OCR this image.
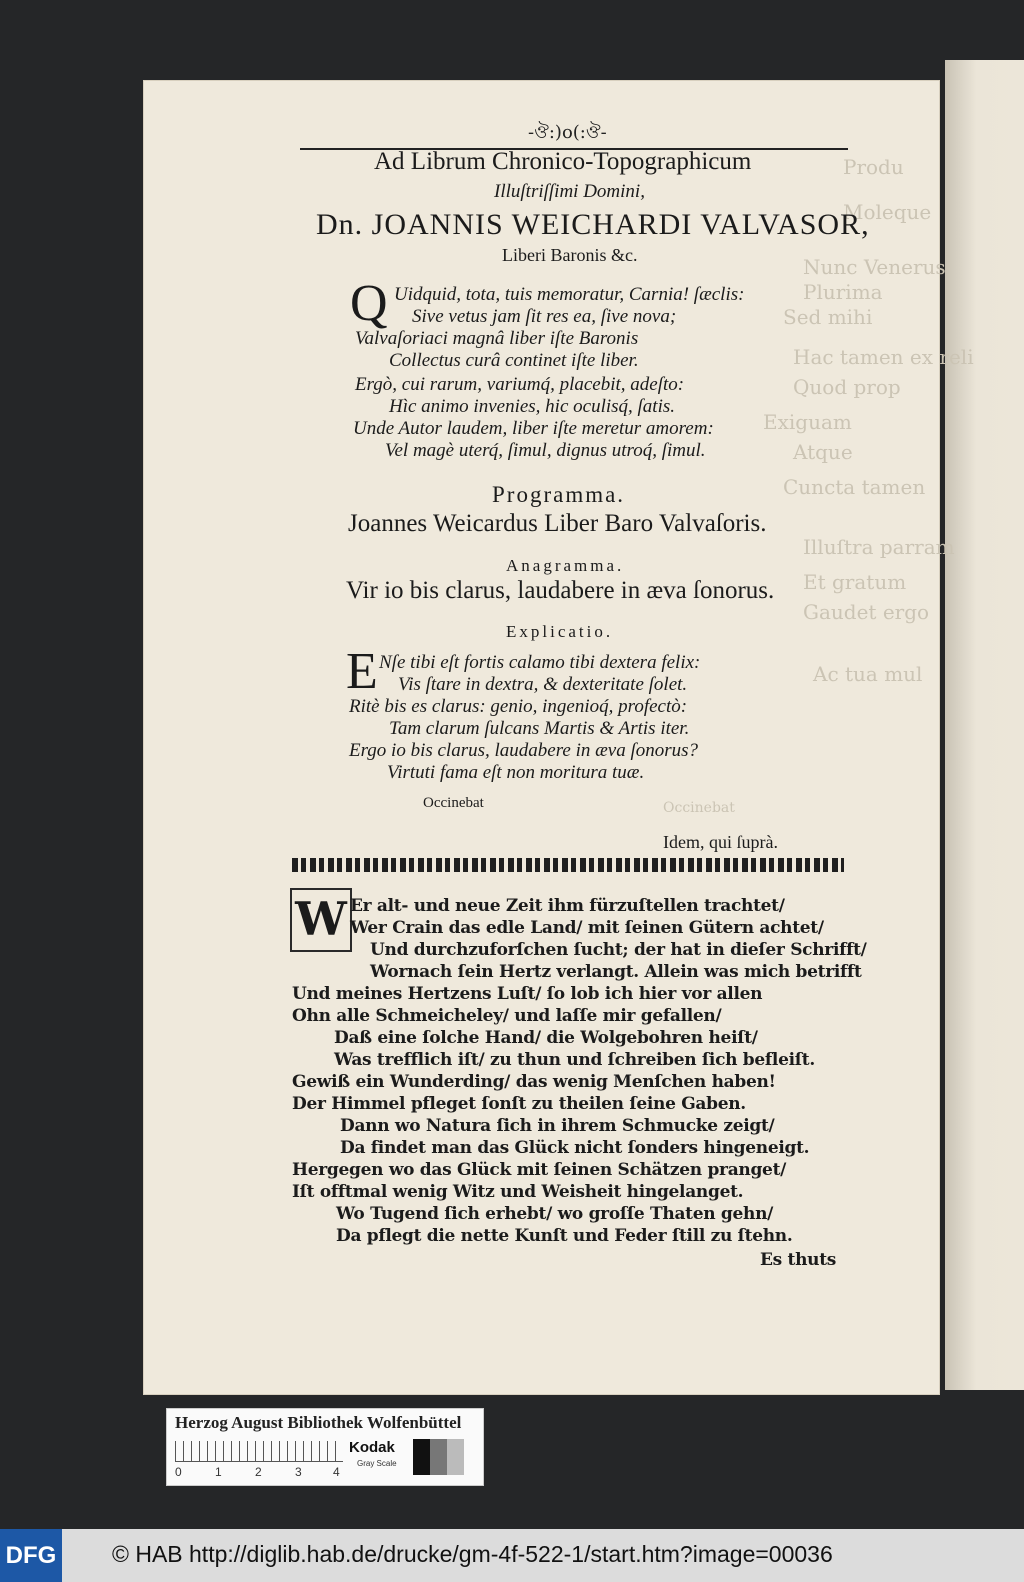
Produ
Moleque
Nunc Venerus
Plurima
Sed mihi
Hac tamen ex reli
Quod prop
Exiguam
Atque
Cuncta tamen
Illuſtra parram
Et gratum
Gaudet ergo
Ac tua mul
Occinebat
-ঔ:)o(:ঔ-
Ad Librum Chronico-Topographicum
Illuſtriſſimi Domini,
Dn. JOANNIS WEICHARDI VALVASOR,
Liberi Baronis &c.
Q Uidquid, tota, tuis memoratur, Carnia! ſæclis:
Sive vetus jam ſit res ea, ſive nova;
Valvaſoriaci magnâ liber iſte Baronis
Collectus curâ continet iſte liber.
Ergò, cui rarum, variumq́, placebit, adeſto:
Hìc animo invenies, hic oculisq́, ſatis.
Unde Autor laudem, liber iſte meretur amorem:
Vel magè uterq́, ſimul, dignus utroq́, ſimul.
Programma.
Joannes Weicardus Liber Baro Valvaſoris.
Anagramma.
Vir io bis clarus, laudabere in æva ſonorus.
Explicatio.
E Nſe tibi eſt fortis calamo tibi dextera felix:
Vis ſtare in dextra, & dexteritate ſolet.
Ritè bis es clarus: genio, ingenioq́, profectò:
Tam clarum ſulcans Martis & Artis iter.
Ergo io bis clarus, laudabere in æva ſonorus?
Virtuti fama eſt non moritura tuæ.
Occinebat
Idem, qui ſuprà.
W Er alt- und neue Zeit ihm fürzuſtellen trachtet/
Wer Crain das edle Land/ mit ſeinen Gütern achtet/
Und durchzuforſchen ſucht; der hat in dieſer Schrifft/
Wornach ſein Hertz verlangt. Allein was mich betrifft
Und meines Hertzens Luſt/ ſo lob ich hier vor allen
Ohn alle Schmeicheley/ und laſſe mir gefallen/
Daß eine ſolche Hand/ die Wolgebohren heiſt/
Was trefflich iſt/ zu thun und ſchreiben ſich befleiſt.
Gewiß ein Wunderding/ das wenig Menſchen haben!
Der Himmel pfleget ſonſt zu theilen ſeine Gaben.
Dann wo Natura ſich in ihrem Schmucke zeigt/
Da findet man das Glück nicht ſonders hingeneigt.
Hergegen wo das Glück mit ſeinen Schätzen pranget/
Iſt offtmal wenig Witz und Weisheit hingelanget.
Wo Tugend ſich erhebt/ wo groſſe Thaten gehn/
Da pflegt die nette Kunſt und Feder ſtill zu ſtehn.
Es thuts
Herzog August Bibliothek Wolfenbüttel
0	1	2	3	4
Kodak
Gray Scale
DFG © HAB http://diglib.hab.de/drucke/gm-4f-522-1/start.htm?image=00036
